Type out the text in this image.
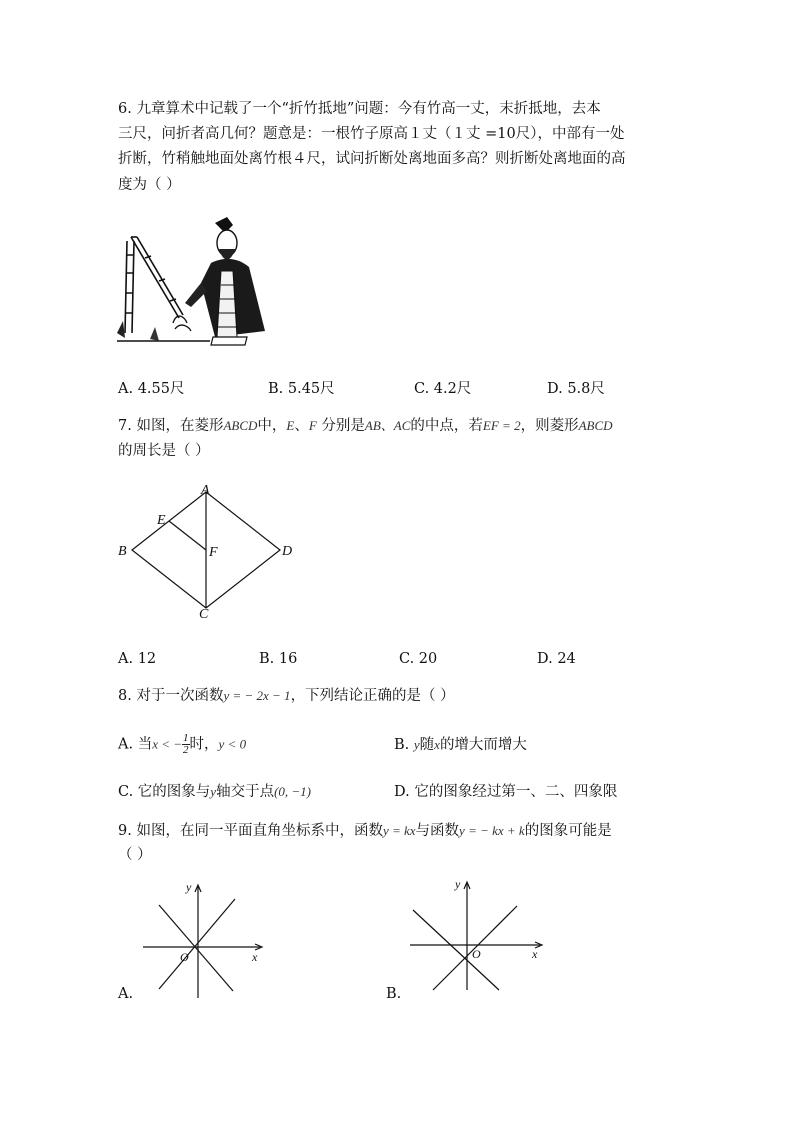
6. 九章算术中记载了一个“折竹抵地”问题：今有竹高一丈，末折抵地，去本
三尺，问折者高几何？题意是：一根竹子原高１丈（１丈 =10尺），中部有一处
折断，竹稍触地面处离竹根４尺，试问折断处离地面多高？则折断处离地面的高
度为（ ）
A. 4.55尺	B. 5.45尺	C. 4.2尺	D. 5.8尺
7. 如图，在菱形ABCD中，E、F 分别是AB、AC的中点，若EF = 2，则菱形ABCD
的周长是（ ）
A
B
C
D
E
F
A. 12	B. 16	C. 20	D. 24
8. 对于一次函数y = − 2x − 1，下列结论正确的是（ ）
A. 当x < − $\frac{1}{2}$ 时，y < 0	B. y随x的增大而增大
C. 它的图象与y轴交于点(0, −1)	D. 它的图象经过第一、二、四象限
9. 如图，在同一平面直角坐标系中，函数y = kx与函数y = − kx + k的图象可能是
（ ）
y
x
O
A.
y
x
O
B.
